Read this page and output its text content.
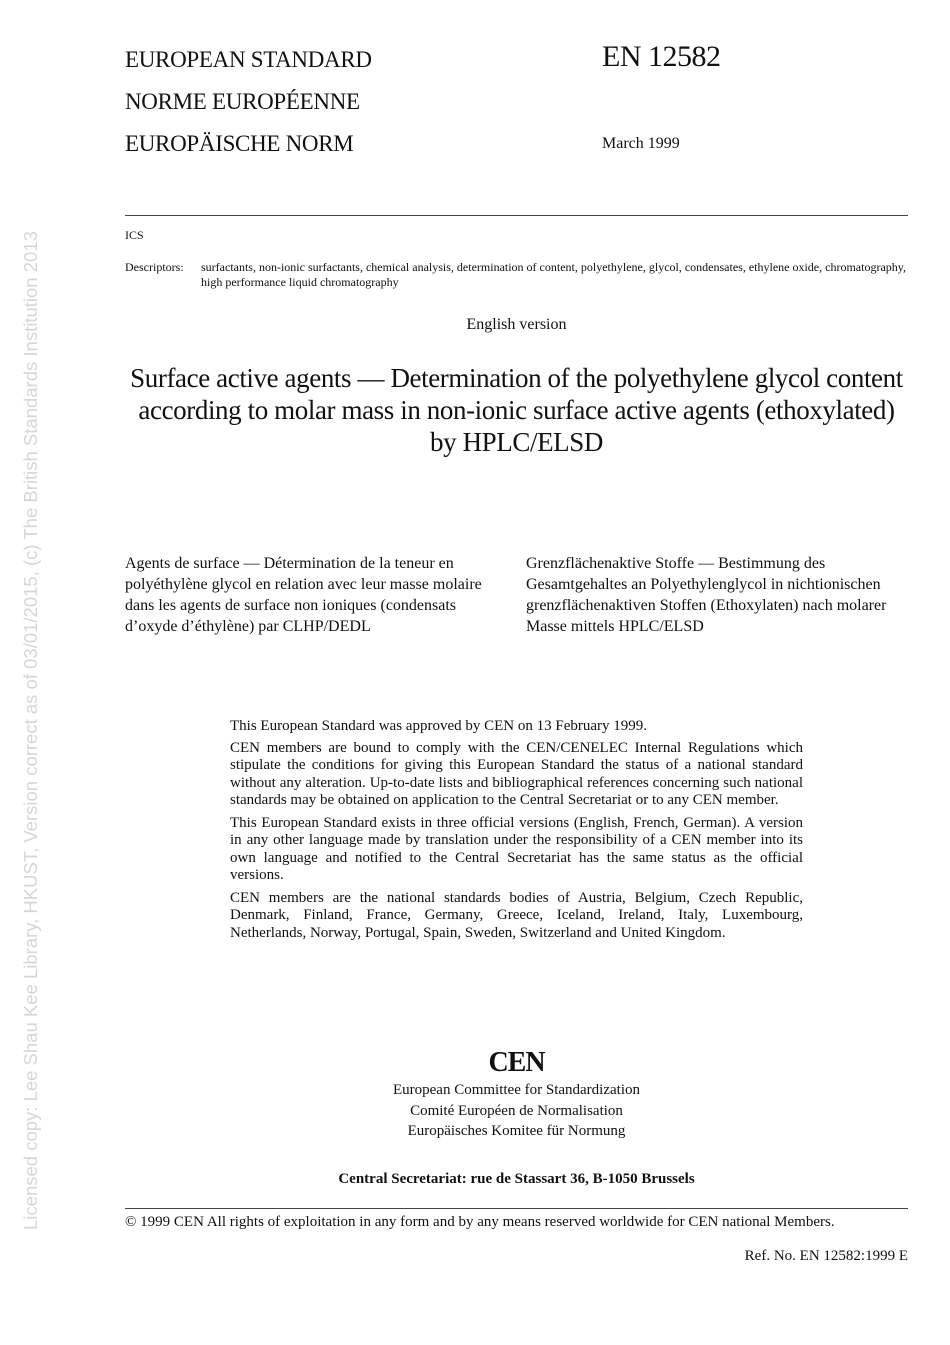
Licensed copy: Lee Shau Kee Library, HKUST, Version correct as of 03/01/2015, (c) The British Standards Institution 2013
EUROPEAN STANDARD
NORME EUROPÉENNE
EUROPÄISCHE NORM
EN 12582
March 1999
ICS
Descriptors: surfactants, non-ionic surfactants, chemical analysis, determination of content, polyethylene, glycol, condensates, ethylene oxide, chromatography, high performance liquid chromatography
English version
Surface active agents — Determination of the polyethylene glycol content according to molar mass in non-ionic surface active agents (ethoxylated) by HPLC/ELSD
Agents de surface — Détermination de la teneur en polyéthylène glycol en relation avec leur masse molaire dans les agents de surface non ioniques (condensats d’oxyde d’éthylène) par CLHP/DEDL
Grenzflächenaktive Stoffe — Bestimmung des Gesamtgehaltes an Polyethylenglycol in nichtionischen grenzflächenaktiven Stoffen (Ethoxylaten) nach molarer Masse mittels HPLC/ELSD

This European Standard was approved by CEN on 13 February 1999.

CEN members are bound to comply with the CEN/CENELEC Internal Regulations which stipulate the conditions for giving this European Standard the status of a national standard without any alteration. Up-to-date lists and bibliographical references concerning such national standards may be obtained on application to the Central Secretariat or to any CEN member.

This European Standard exists in three official versions (English, French, German). A version in any other language made by translation under the responsibility of a CEN member into its own language and notified to the Central Secretariat has the same status as the official versions.

CEN members are the national standards bodies of Austria, Belgium, Czech Republic, Denmark, Finland, France, Germany, Greece, Iceland, Ireland, Italy, Luxembourg, Netherlands, Norway, Portugal, Spain, Sweden, Switzerland and United Kingdom.

CEN
European Committee for Standardization
Comité Européen de Normalisation
Europäisches Komitee für Normung
Central Secretariat: rue de Stassart 36, B-1050 Brussels
© 1999 CEN All rights of exploitation in any form and by any means reserved worldwide for CEN national Members.
Ref. No. EN 12582:1999 E
